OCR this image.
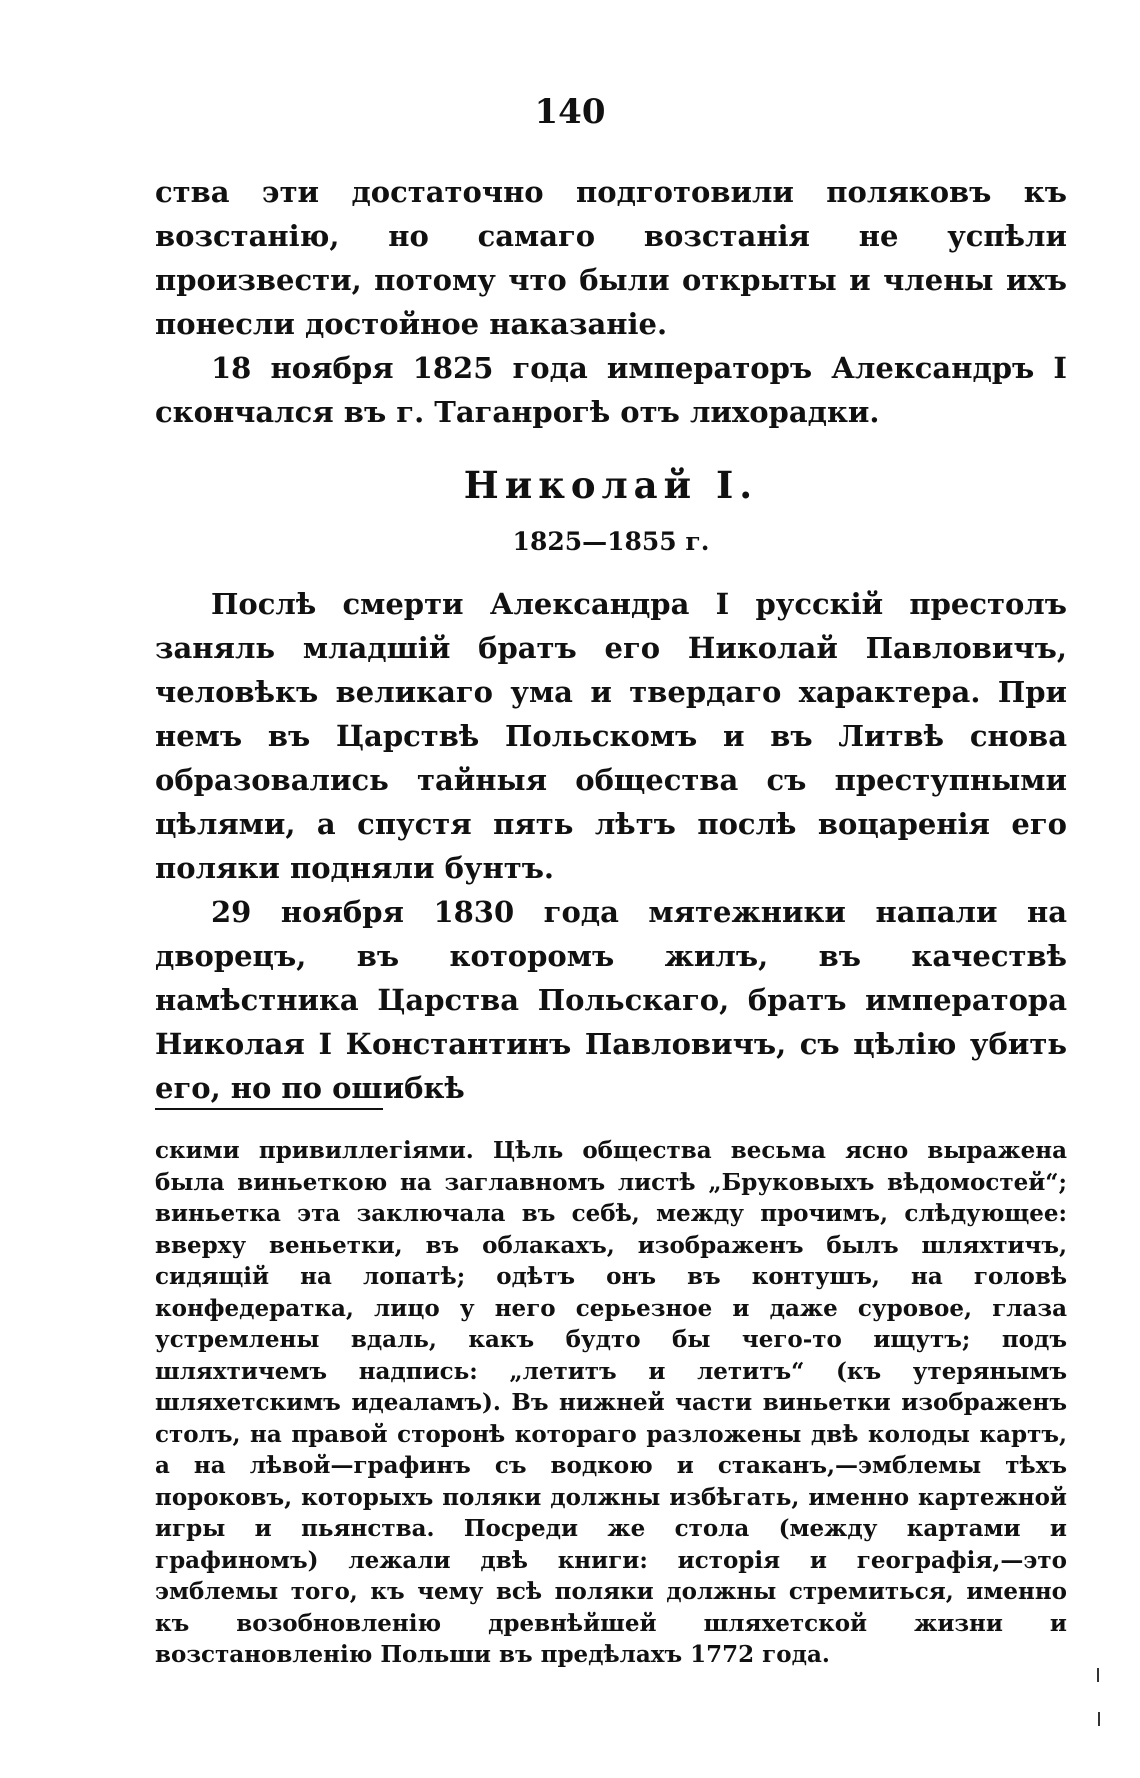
140

ства эти достаточно подготовили поляковъ къ возстанію, но самаго возстанія не успѣли произвести, потому что были открыты и члены ихъ понесли достойное наказаніе.

18 ноября 1825 года императоръ Александръ I скончался въ г. Таганрогѣ отъ лихорадки.

Николай I.
1825—1855 г.

Послѣ смерти Александра I русскій престолъ заняль младшій братъ его Николай Павловичъ, человѣкъ великаго ума и твердаго характера. При немъ въ Царствѣ Польскомъ и въ Литвѣ снова образовались тайныя общества съ преступными цѣлями, а спустя пять лѣтъ послѣ воцаренія его поляки подняли бунтъ.

29 ноября 1830 года мятежники напали на дворецъ, въ которомъ жилъ, въ качествѣ намѣстника Царства Польскаго, братъ императора Николая I Константинъ Павловичъ, съ цѣлію убить его, но по ошибкѣ

скими привиллегіями. Цѣль общества весьма ясно выражена была виньеткою на заглавномъ листѣ „Бруковыхъ вѣдомостей“; виньетка эта заключала въ себѣ, между прочимъ, слѣдующее: вверху веньетки, въ облакахъ, изображенъ былъ шляхтичъ, сидящій на лопатѣ; одѣтъ онъ въ контушъ, на головѣ конфедератка, лицо у него серьезное и даже суровое, глаза устремлены вдаль, какъ будто бы чего-то ищутъ; подъ шляхтичемъ надпись: „летитъ и летитъ“ (къ утерянымъ шляхетскимъ идеаламъ). Въ нижней части виньетки изображенъ столъ, на правой сторонѣ котораго разложены двѣ колоды картъ, а на лѣвой—графинъ съ водкою и стаканъ,—эмблемы тѣхъ пороковъ, которыхъ поляки должны избѣгать, именно картежной игры и пьянства. Посреди же стола (между картами и графиномъ) лежали двѣ книги: исторія и географія,—это эмблемы того, къ чему всѣ поляки должны стремиться, именно къ возобновленію древнѣйшей шляхетской жизни и возстановленію Польши въ предѣлахъ 1772 года.
